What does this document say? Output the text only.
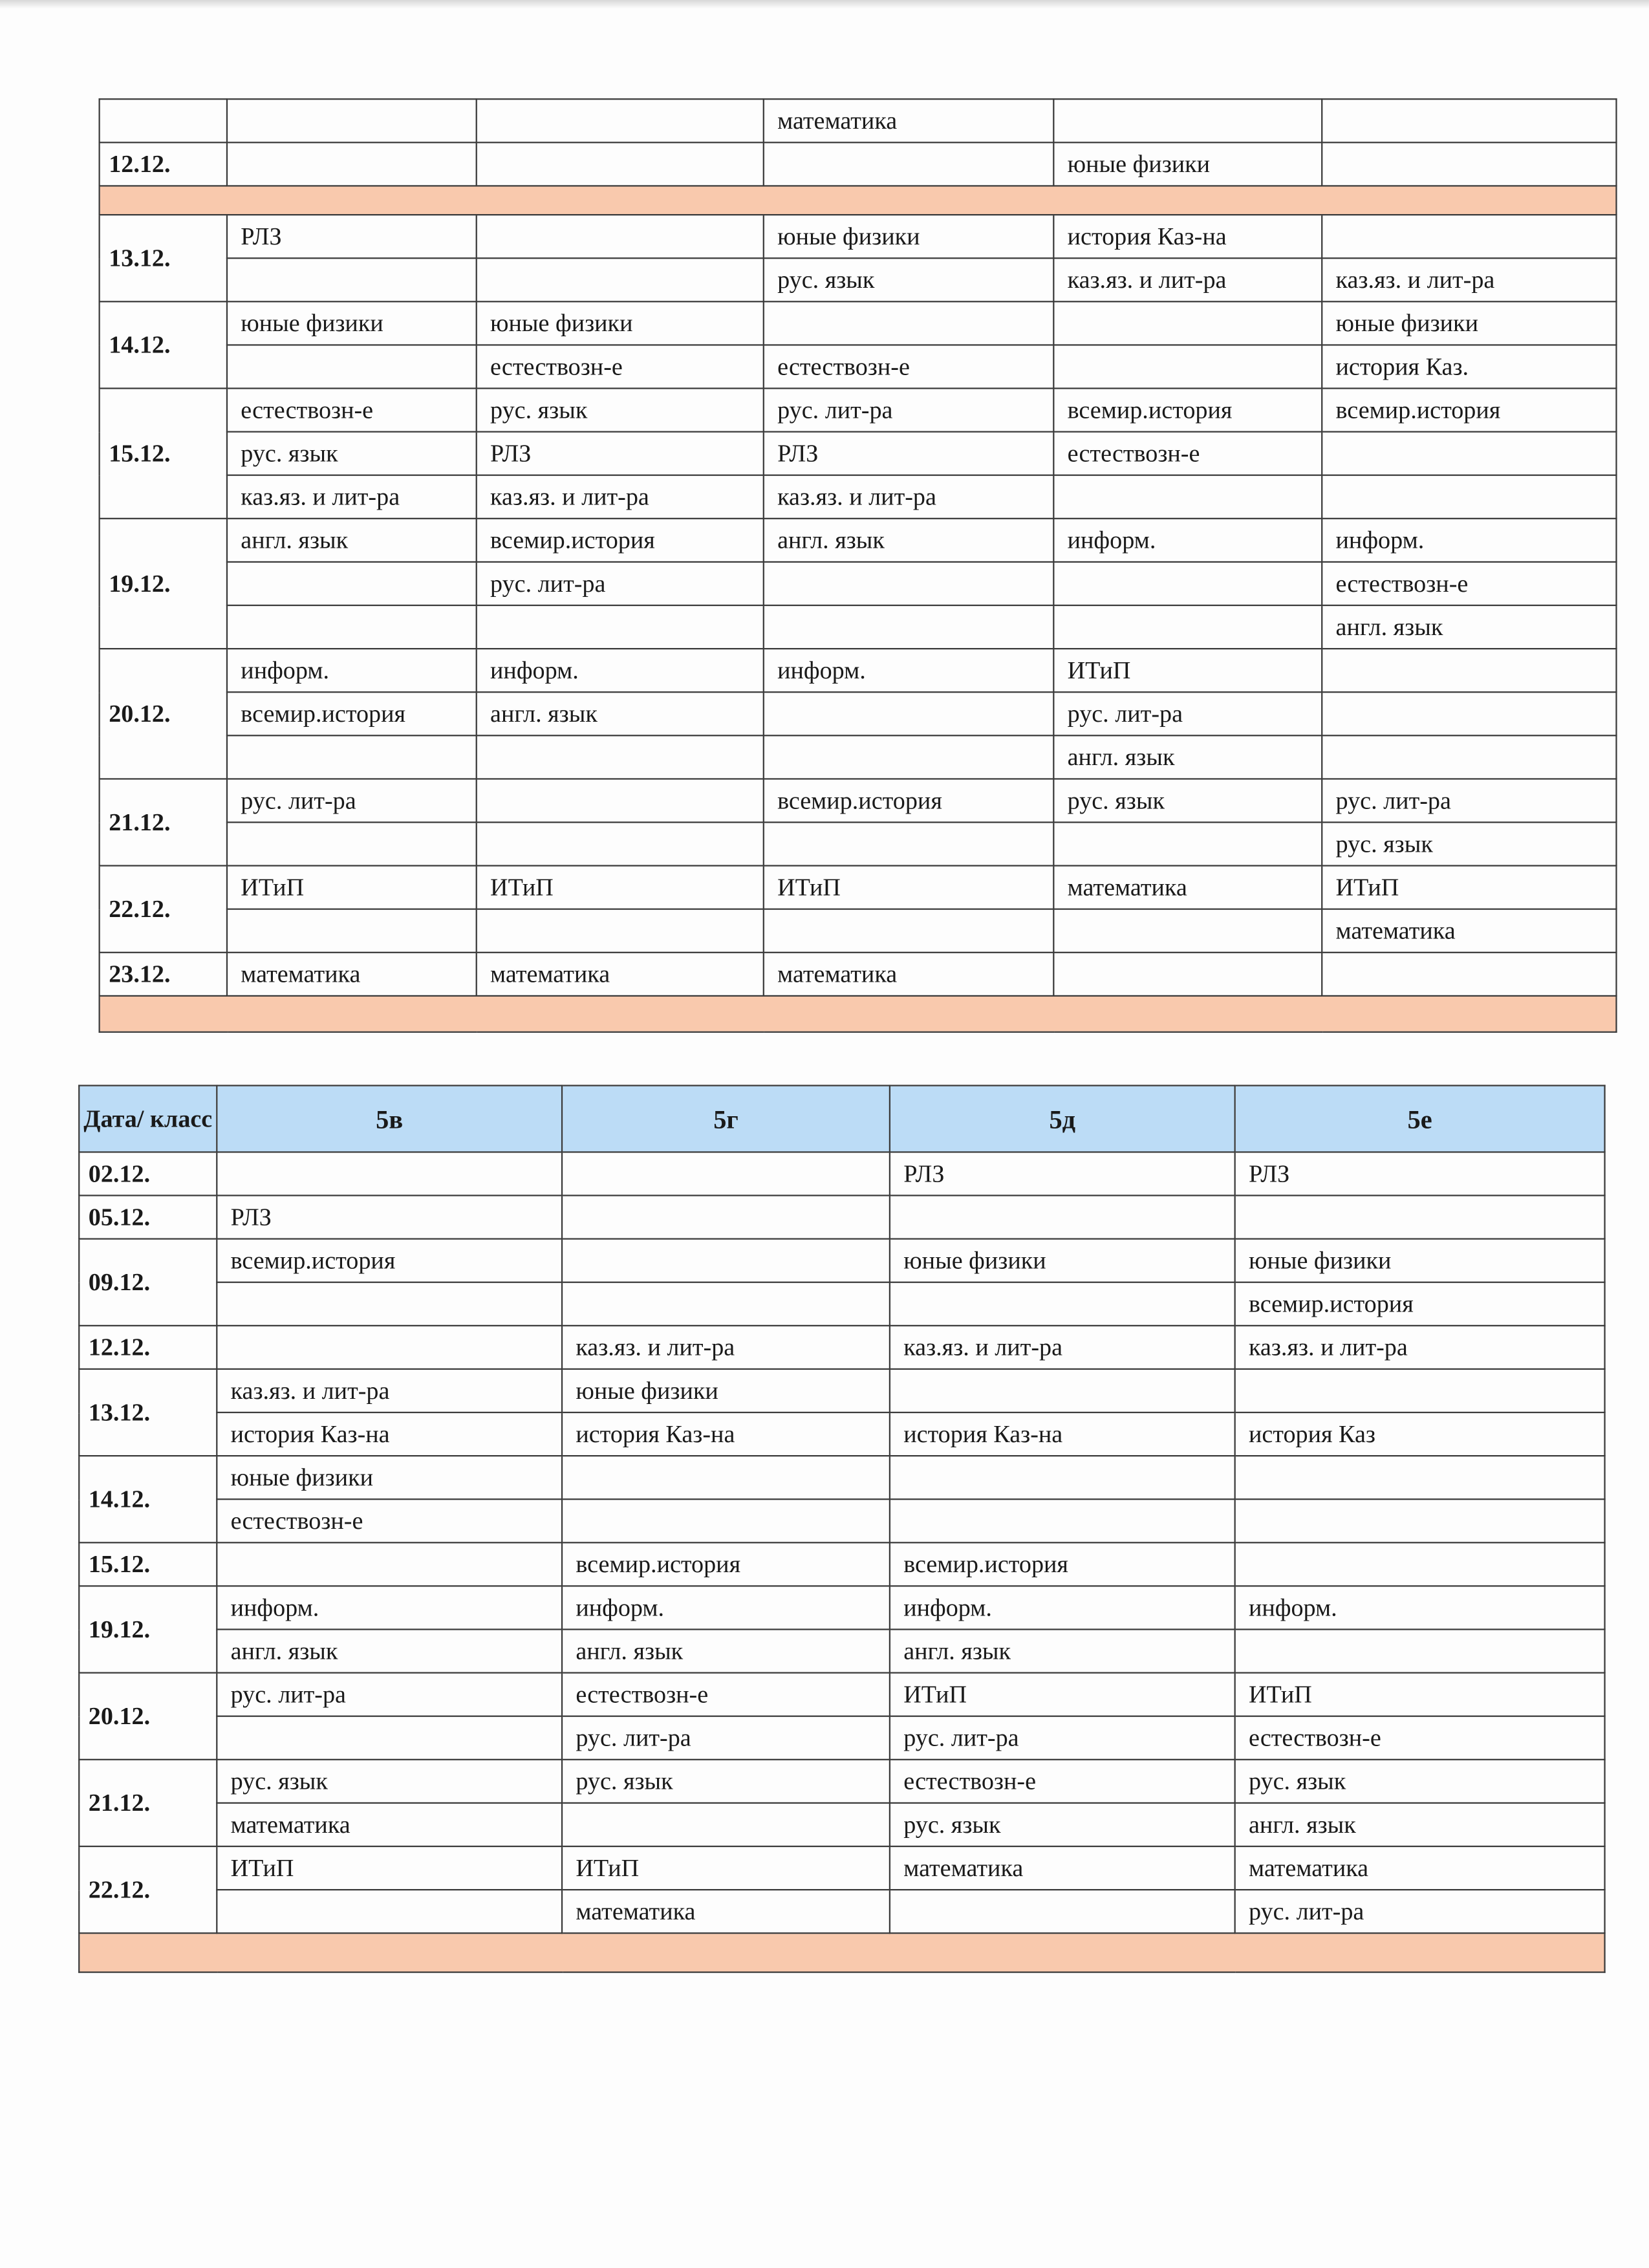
			математика		
12.12.				юные физики	

13.12.	РЛЗ		юные физики	история Каз-на	
			рус. язык	каз.яз. и лит-ра	каз.яз. и лит-ра
14.12.	юные физики	юные физики			юные физики
		естествозн-е	естествозн-е		история Каз.
15.12.	естествозн-е	рус. язык	рус. лит-ра	всемир.история	всемир.история
	рус. язык	РЛЗ	РЛЗ	естествозн-е	
	каз.яз. и лит-ра	каз.яз. и лит-ра	каз.яз. и лит-ра		
19.12.	англ. язык	всемир.история	англ. язык	информ.	информ.
		рус. лит-ра			естествозн-е
					англ. язык
20.12.	информ.	информ.	информ.	ИТиП	
	всемир.история	англ. язык		рус. лит-ра	
				англ. язык	
21.12.	рус. лит-ра		всемир.история	рус. язык	рус. лит-ра
					рус. язык
22.12.	ИТиП	ИТиП	ИТиП	математика	ИТиП
					математика
23.12.	математика	математика	математика		

Дата/ класс	5в	5г	5д	5е
02.12.			РЛЗ	РЛЗ
05.12.	РЛЗ			
09.12.	всемир.история		юные физики	юные физики
				всемир.история
12.12.		каз.яз. и лит-ра	каз.яз. и лит-ра	каз.яз. и лит-ра
13.12.	каз.яз. и лит-ра	юные физики		
	история Каз-на	история Каз-на	история Каз-на	история Каз
14.12.	юные физики			
	естествозн-е			
15.12.		всемир.история	всемир.история	
19.12.	информ.	информ.	информ.	информ.
	англ. язык	англ. язык	англ. язык	
20.12.	рус. лит-ра	естествозн-е	ИТиП	ИТиП
		рус. лит-ра	рус. лит-ра	естествозн-е
21.12.	рус. язык	рус. язык	естествозн-е	рус. язык
	математика		рус. язык	англ. язык
22.12.	ИТиП	ИТиП	математика	математика
		математика		рус. лит-ра
